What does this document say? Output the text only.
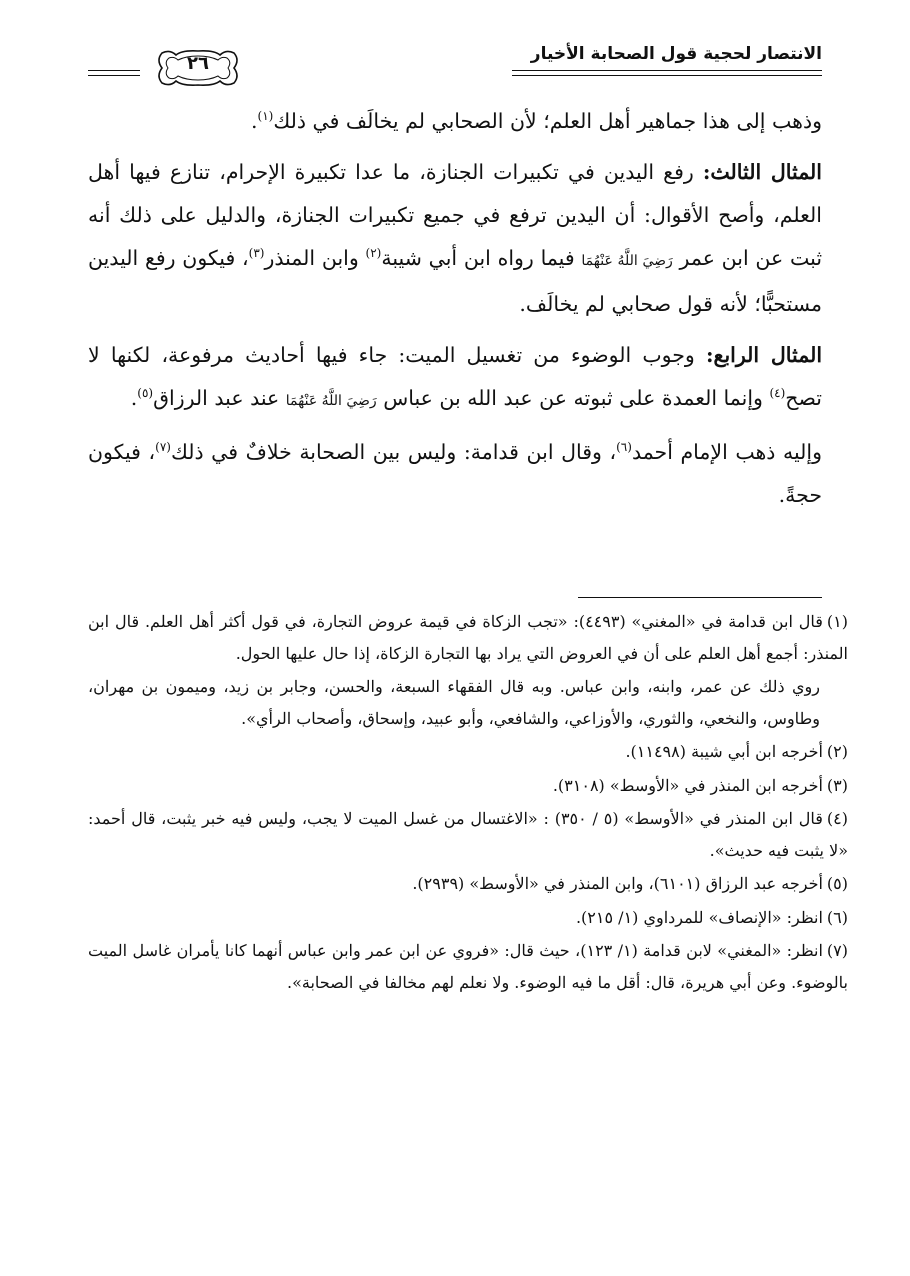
الانتصار لحجية قول الصحابة الأخيار
٢٦

وذهب إلى هذا جماهير أهل العلم؛ لأن الصحابي لم يخالَف في ذلك$^{(١)}$.

المثال الثالث: رفع اليدين في تكبيرات الجنازة، ما عدا تكبيرة الإحرام، تنازع فيها أهل العلم، وأصح الأقوال: أن اليدين ترفع في جميع تكبيرات الجنازة، والدليل على ذلك أنه ثبت عن ابن عمر رَضِيَ اللَّهُ عَنْهُمَا فيما رواه ابن أبي شيبة$^{(٢)}$ وابن المنذر$^{(٣)}$، فيكون رفع اليدين مستحبًّا؛ لأنه قول صحابي لم يخالَف.

المثال الرابع: وجوب الوضوء من تغسيل الميت: جاء فيها أحاديث مرفوعة، لكنها لا تصح$^{(٤)}$ وإنما العمدة على ثبوته عن عبد الله بن عباس رَضِيَ اللَّهُ عَنْهُمَا عند عبد الرزاق$^{(٥)}$.

وإليه ذهب الإمام أحمد$^{(٦)}$، وقال ابن قدامة: وليس بين الصحابة خلافٌ في ذلك$^{(٧)}$، فيكون حجةً.

(١)قال ابن قدامة في «المغني» (٤٤٩٣): «تجب الزكاة في قيمة عروض التجارة، في قول أكثر أهل العلم. قال ابن المنذر: أجمع أهل العلم على أن في العروض التي يراد بها التجارة الزكاة، إذا حال عليها الحول.
روي ذلك عن عمر، وابنه، وابن عباس. وبه قال الفقهاء السبعة، والحسن، وجابر بن زيد، وميمون بن مهران، وطاوس، والنخعي، والثوري، والأوزاعي، والشافعي، وأبو عبيد، وإسحاق، وأصحاب الرأي».
(٢)أخرجه ابن أبي شيبة (١١٤٩٨).
(٣)أخرجه ابن المنذر في «الأوسط» (٣١٠٨).
(٤)قال ابن المنذر في «الأوسط» (٥ / ٣٥٠) : «الاغتسال من غسل الميت لا يجب، وليس فيه خبر يثبت، قال أحمد: «لا يثبت فيه حديث».
(٥)أخرجه عبد الرزاق (٦١٠١)، وابن المنذر في «الأوسط» (٢٩٣٩).
(٦)انظر: «الإنصاف» للمرداوي (١/ ٢١٥).
(٧)انظر: «المغني» لابن قدامة (١/ ١٢٣)، حيث قال: «فروي عن ابن عمر وابن عباس أنهما كانا يأمران غاسل الميت بالوضوء. وعن أبي هريرة، قال: أقل ما فيه الوضوء. ولا نعلم لهم مخالفا في الصحابة».
